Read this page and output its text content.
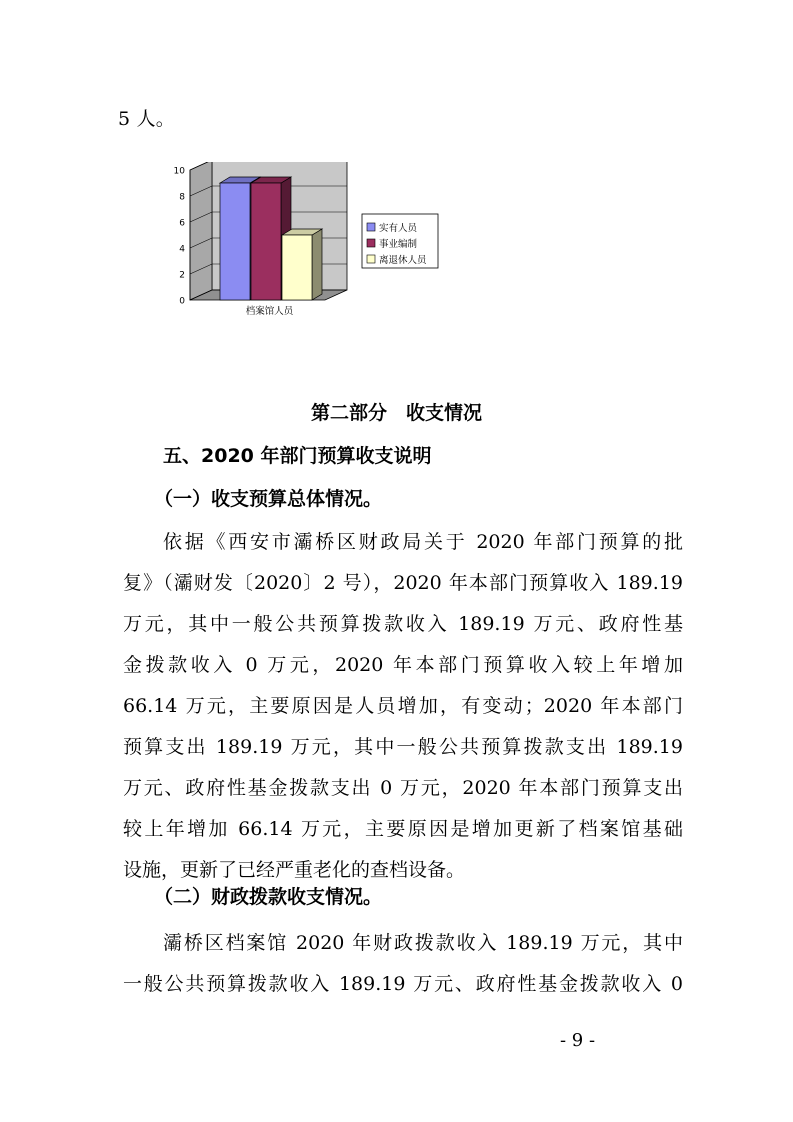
5 人。
0
2
4
6
8
10
档案馆人员
实有人员
事业编制
离退休人员
第二部分　收支情况
五、2020 年部门预算收支说明
（一）收支预算总体情况。
依据《西安市灞桥区财政局关于 2020 年部门预算的批
复》（灞财发〔2020〕2 号），2020 年本部门预算收入 189.19
万元，其中一般公共预算拨款收入 189.19 万元、政府性基
金拨款收入 0 万元，2020 年本部门预算收入较上年增加
66.14 万元，主要原因是人员增加，有变动；2020 年本部门
预算支出 189.19 万元，其中一般公共预算拨款支出 189.19
万元、政府性基金拨款支出 0 万元，2020 年本部门预算支出
较上年增加 66.14 万元，主要原因是增加更新了档案馆基础
设施，更新了已经严重老化的查档设备。
（二）财政拨款收支情况。
灞桥区档案馆 2020 年财政拨款收入 189.19 万元，其中
一般公共预算拨款收入 189.19 万元、政府性基金拨款收入 0
- 9 -
